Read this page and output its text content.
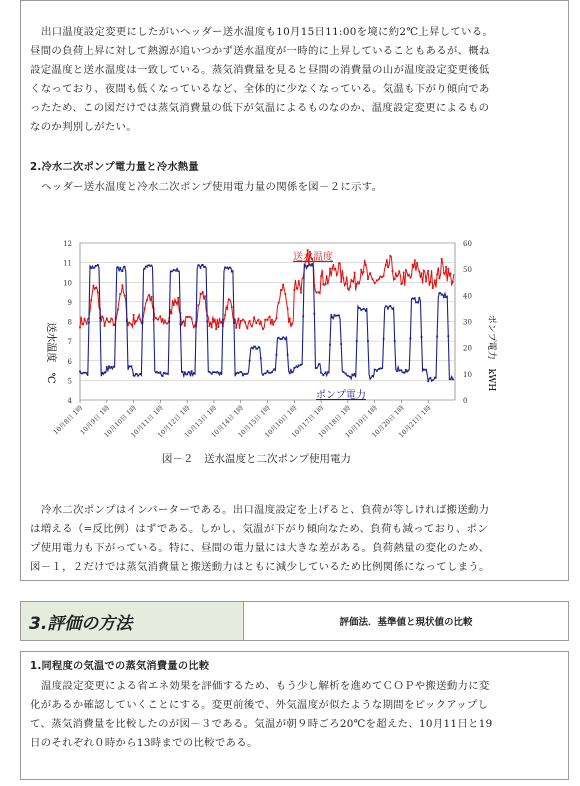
出口温度設定変更にしたがいヘッダー送水温度も10月15日11:00を境に約2℃上昇している。

昼間の負荷上昇に対して熱源が追いつかず送水温度が一時的に上昇していることもあるが、概ね

設定温度と送水温度は一致している。蒸気消費量を見ると昼間の消費量の山が温度設定変更後低

くなっており、夜間も低くなっているなど、全体的に少なくなっている。気温も下がり傾向であ

ったため、この図だけでは蒸気消費量の低下が気温によるものなのか、温度設定変更によるもの

なのか判別しがたい。

2.冷水二次ポンプ電力量と冷水熱量

ヘッダー送水温度と冷水二次ポンプ使用電力量の関係を図－２に示す。

4
5
6
7
8
9
10
11
12
0
10
20
30
40
50
60
10月8日 1時
10月9日 1時
10月10日 1時
10月11日 1時
10月12日 1時
10月13日 1時
10月14日 1時
10月15日 1時
10月16日 1時
10月17日 1時
10月18日 1時
10月19日 1時
10月20日 1時
10月21日 1時
送水温度　℃	ポンプ電力　kWH
送水温度
ポンプ電力

図－２　送水温度と二次ポンプ使用電力

冷水二次ポンプはインバーターである。出口温度設定を上げると、負荷が等しければ搬送動力

は増える（=反比例）はずである。しかし、気温が下がり傾向なため、負荷も減っており、ポン

プ使用電力も下がっている。特に、昼間の電力量には大きな差がある。負荷熱量の変化のため、

図－１，２だけでは蒸気消費量と搬送動力はともに減少しているため比例関係になってしまう。

3.評価の方法	評価法．基準値と現状値の比較

1.同程度の気温での蒸気消費量の比較

温度設定変更による省エネ効果を評価するため、もう少し解析を進めてＣＯＰや搬送動力に変

化があるか確認していくことにする。変更前後で、外気温度が似たような期間をピックアップし

て、蒸気消費量を比較したのが図－３である。気温が朝９時ごろ20℃を超えた、10月11日と19

日のそれぞれ０時から13時までの比較である。
